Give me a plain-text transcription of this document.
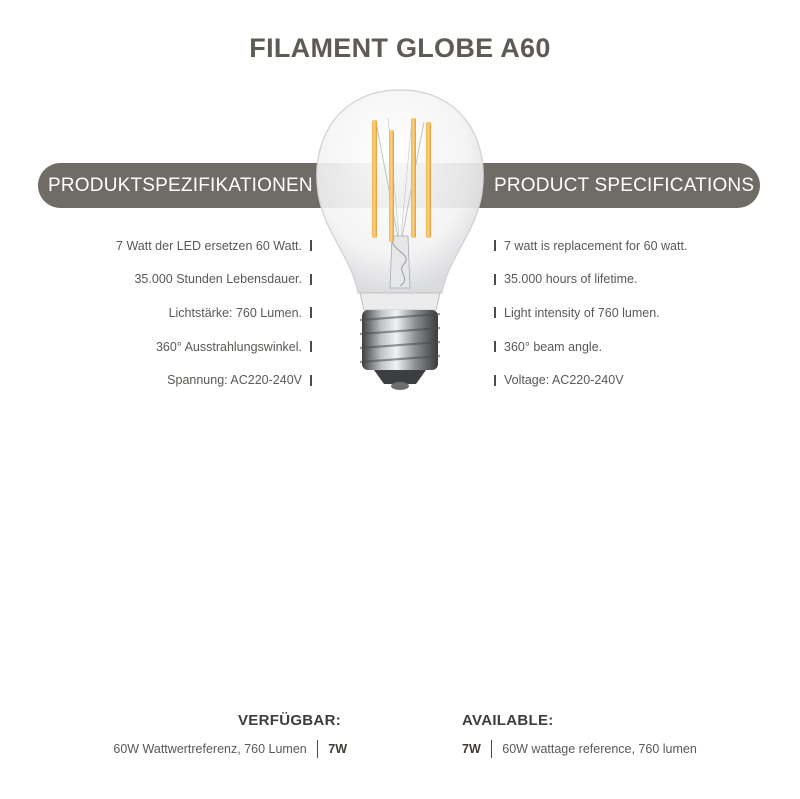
FILAMENT GLOBE A60
PRODUKTSPEZIFIKATIONEN	PRODUCT SPECIFICATIONS
7 Watt der LED ersetzen 60 Watt.
35.000 Stunden Lebensdauer.
Lichtstärke: 760 Lumen.
360° Ausstrahlungswinkel.
Spannung: AC220-240V
7 watt is replacement for 60 watt.
35.000 hours of lifetime.
Light intensity of 760 lumen.
360° beam angle.
Voltage: AC220-240V
VERFÜGBAR:	AVAILABLE:
60W Wattwertreferenz, 760 Lumen 7W	7W 60W wattage reference, 760 lumen
